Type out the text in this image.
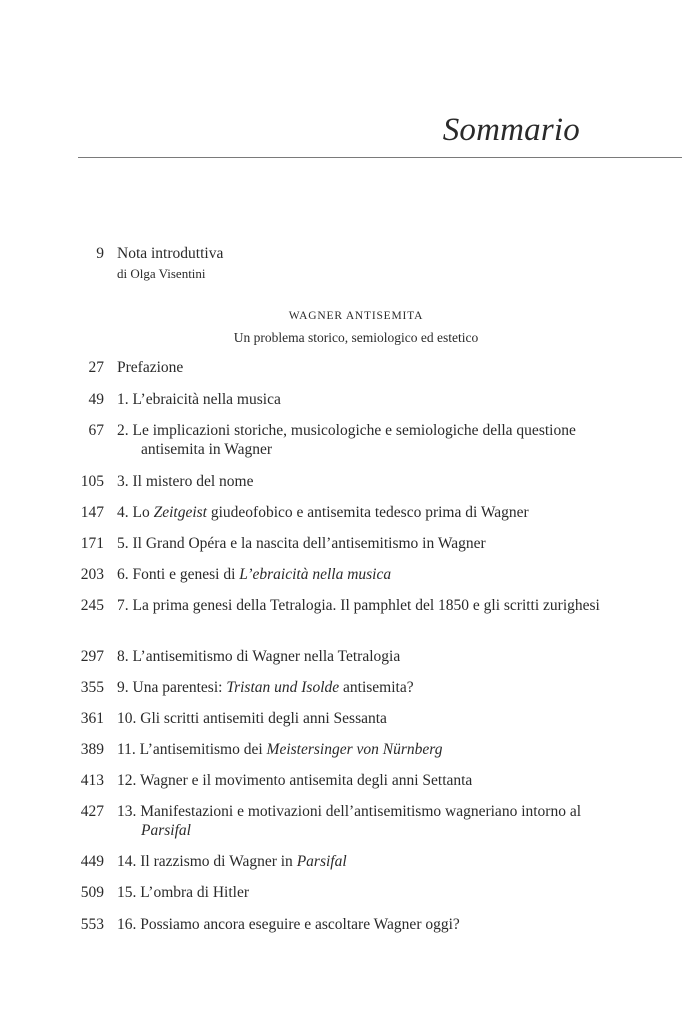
Sommario
9 Nota introduttiva
di Olga Visentini
WAGNER ANTISEMITA
Un problema storico, semiologico ed estetico
27 Prefazione
49 1. L’ebraicità nella musica
67 2. Le implicazioni storiche, musicologiche e semiologiche della questione antisemita in Wagner
105 3. Il mistero del nome
147 4. Lo Zeitgeist giudeofobico e antisemita tedesco prima di Wagner
171 5. Il Grand Opéra e la nascita dell’antisemitismo in Wagner
203 6. Fonti e genesi di L’ebraicità nella musica
245 7. La prima genesi della Tetralogia. Il pamphlet del 1850 e gli scritti zurighesi
297 8. L’antisemitismo di Wagner nella Tetralogia
355 9. Una parentesi: Tristan und Isolde antisemita?
361 10. Gli scritti antisemiti degli anni Sessanta
389 11. L’antisemitismo dei Meistersinger von Nürnberg
413 12. Wagner e il movimento antisemita degli anni Settanta
427 13. Manifestazioni e motivazioni dell’antisemitismo wagneriano intorno al Parsifal
449 14. Il razzismo di Wagner in Parsifal
509 15. L’ombra di Hitler
553 16. Possiamo ancora eseguire e ascoltare Wagner oggi?
